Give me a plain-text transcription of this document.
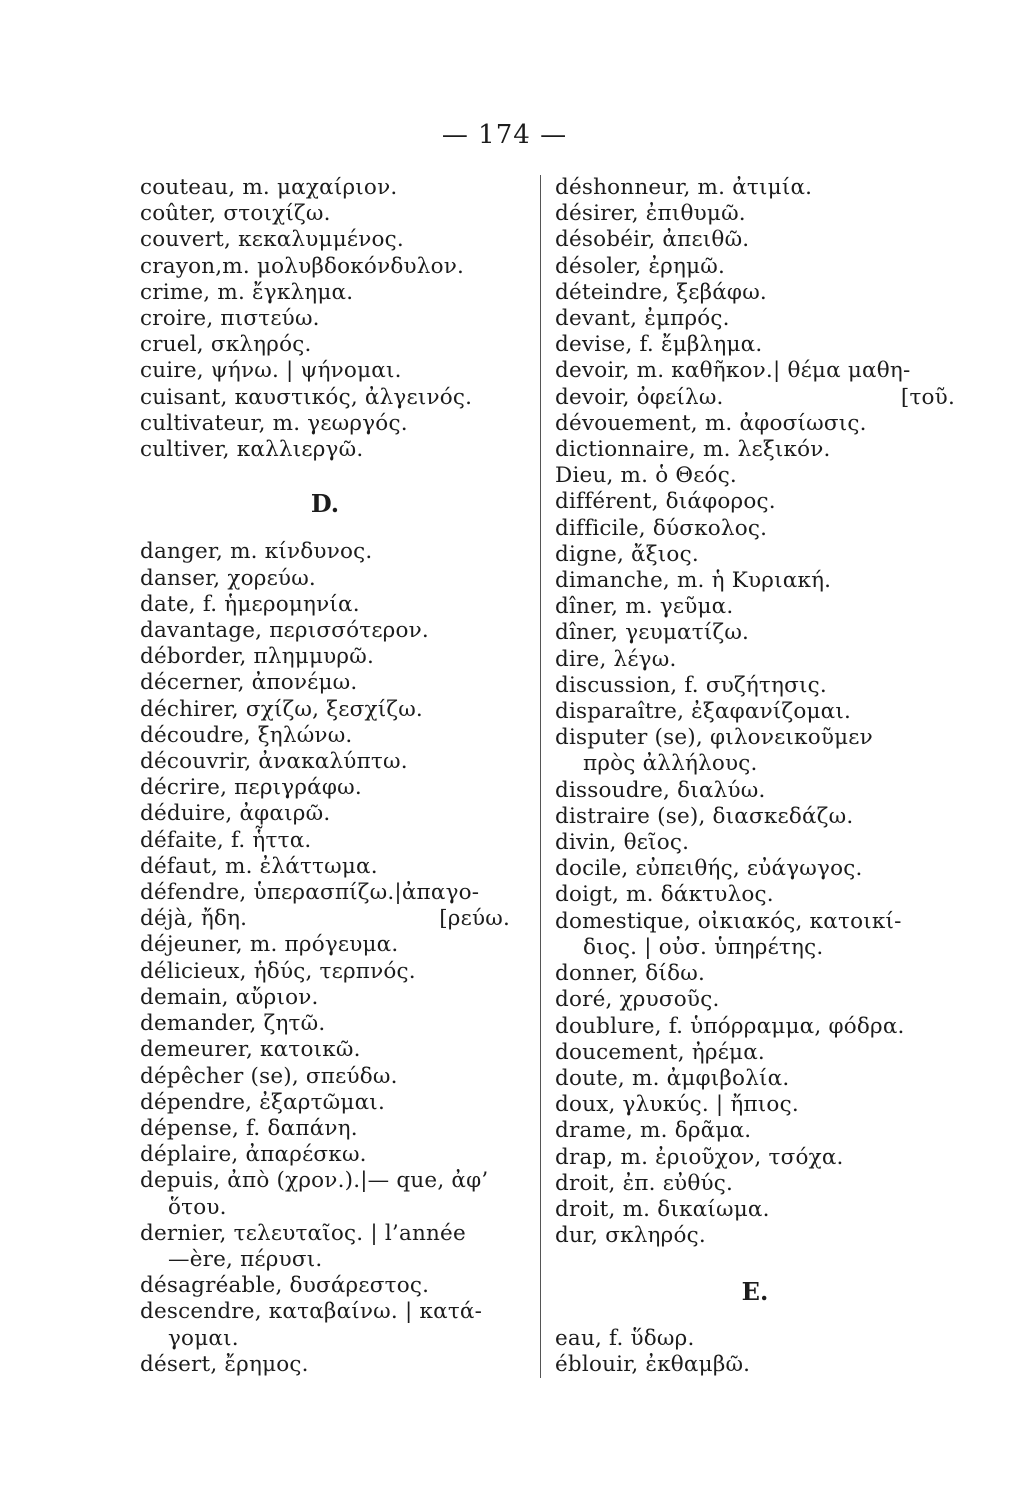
— 174 —
couteau, m. μαχαίριον.
coûter, στοιχίζω.
couvert, κεκαλυμμένος.
crayon,m. μολυβδοκόνδυλον.
crime, m. ἔγκλημα.
croire, πιστεύω.
cruel, σκληρός.
cuire, ψήνω. | ψήνομαι.
cuisant, καυστικός, ἀλγεινός.
cultivateur, m. γεωργός.
cultiver, καλλιεργῶ.
D.
danger, m. κίνδυνος.
danser, χορεύω.
date, f. ἡμερομηνία.
davantage, περισσότερον.
déborder, πλημμυρῶ.
décerner, ἀπονέμω.
déchirer, σχίζω, ξεσχίζω.
découdre, ξηλώνω.
découvrir, ἀνακαλύπτω.
décrire, περιγράφω.
déduire, ἀφαιρῶ.
défaite, f. ἧττα.
défaut, m. ἐλάττωμα.
défendre, ὑπερασπίζω.|ἀπαγο-
déjà, ἤδη.	[ρεύω.
déjeuner, m. πρόγευμα.
délicieux, ἡδύς, τερπνός.
demain, αὔριον.
demander, ζητῶ.
demeurer, κατοικῶ.
dépêcher (se), σπεύδω.
dépendre, ἐξαρτῶμαι.
dépense, f. δαπάνη.
déplaire, ἀπαρέσκω.
depuis, ἀπὸ (χρον.).|— que, ἀφ’
ὅτου.
dernier, τελευταῖος. | l’année
—ère, πέρυσι.
désagréable, δυσάρεστος.
descendre, καταβαίνω. | κατά-
γομαι.
désert, ἔρημος.
déshonneur, m. ἀτιμία.
désirer, ἐπιθυμῶ.
désobéir, ἀπειθῶ.
désoler, ἐρημῶ.
déteindre, ξεβάφω.
devant, ἐμπρός.
devise, f. ἔμβλημα.
devoir, m. καθῆκον.| θέμα μαθη-
devoir, ὀφείλω.	[τοῦ.
dévouement, m. ἀφοσίωσις.
dictionnaire, m. λεξικόν.
Dieu, m. ὁ Θεός.
différent, διάφορος.
difficile, δύσκολος.
digne, ἄξιος.
dimanche, m. ἡ Κυριακή.
dîner, m. γεῦμα.
dîner, γευματίζω.
dire, λέγω.
discussion, f. συζήτησις.
disparaître, ἐξαφανίζομαι.
disputer (se), φιλονεικοῦμεν
πρὸς ἀλλήλους.
dissoudre, διαλύω.
distraire (se), διασκεδάζω.
divin, θεῖος.
docile, εὐπειθής, εὐάγωγος.
doigt, m. δάκτυλος.
domestique, οἰκιακός, κατοικί-
διος. | οὐσ. ὑπηρέτης.
donner, δίδω.
doré, χρυσοῦς.
doublure, f. ὑπόρραμμα, φόδρα.
doucement, ἠρέμα.
doute, m. ἀμφιβολία.
doux, γλυκύς. | ἤπιος.
drame, m. δρᾶμα.
drap, m. ἐριοῦχον, τσόχα.
droit, ἐπ. εὐθύς.
droit, m. δικαίωμα.
dur, σκληρός.
E.
eau, f. ὕδωρ.
éblouir, ἐκθαμβῶ.
